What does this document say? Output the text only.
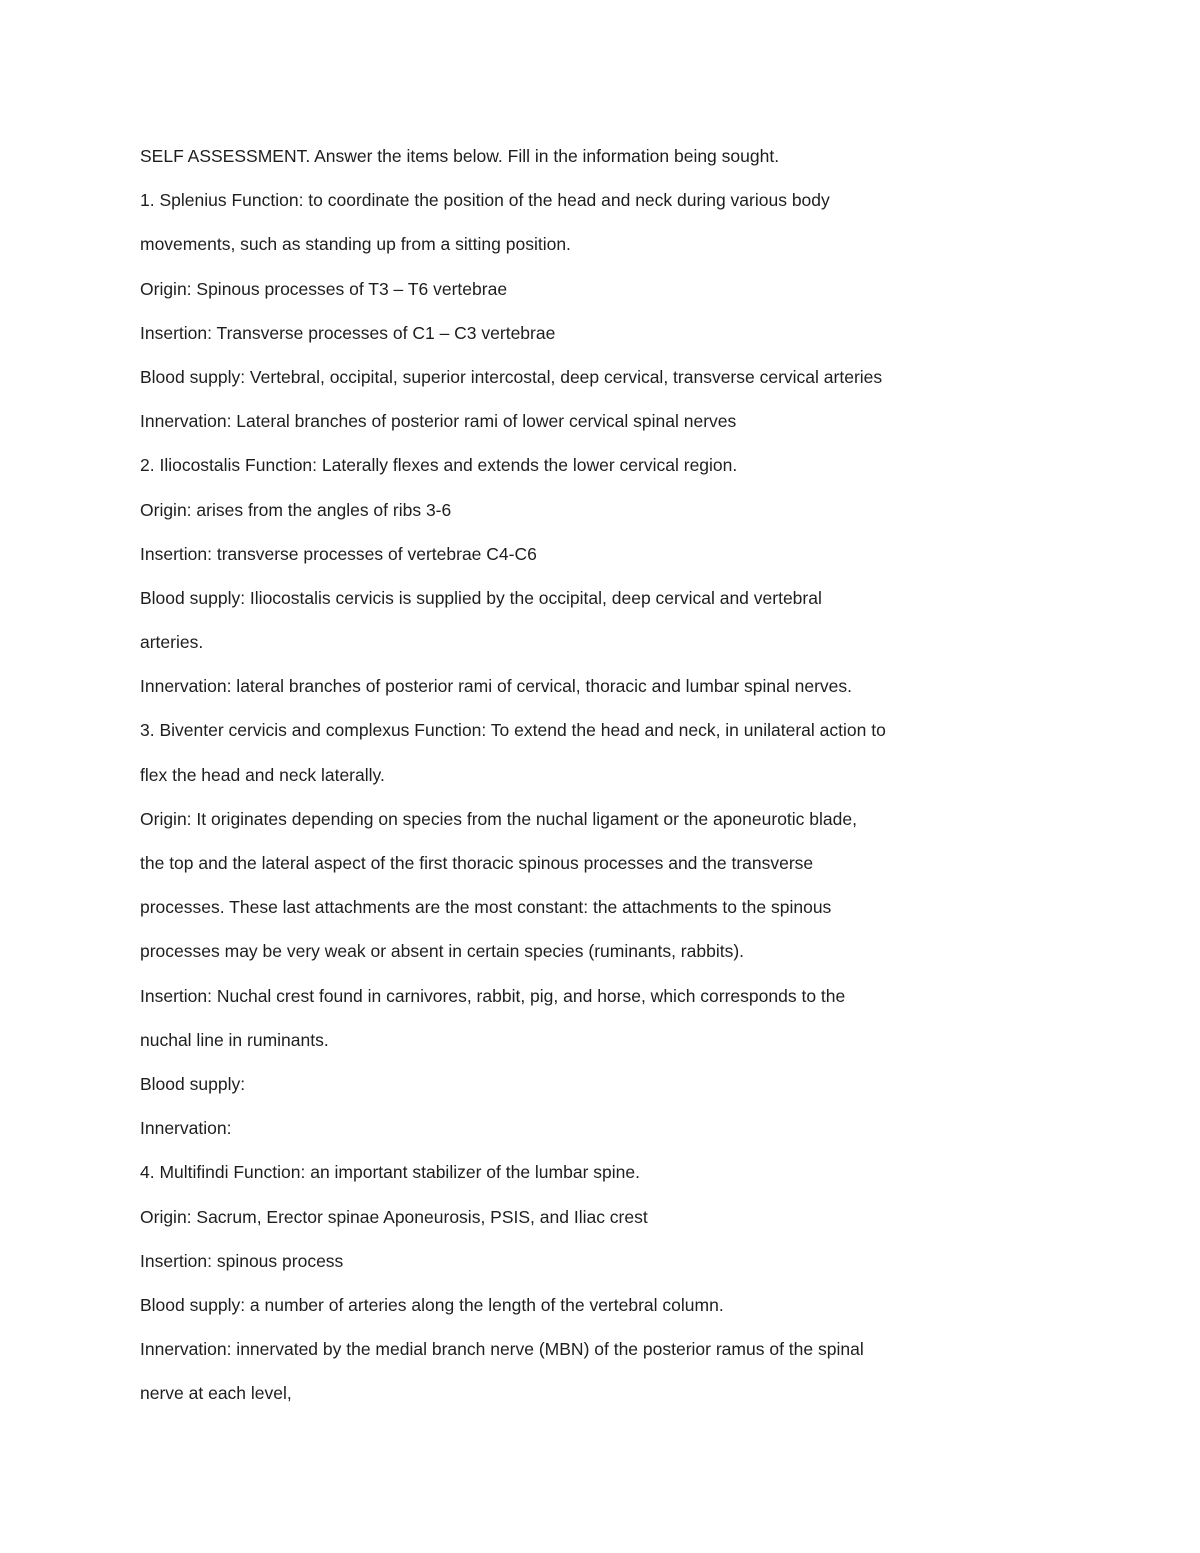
SELF ASSESSMENT. Answer the items below. Fill in the information being sought.
1. Splenius Function: to coordinate the position of the head and neck during various body
movements, such as standing up from a sitting position.
Origin: Spinous processes of T3 – T6 vertebrae
Insertion: Transverse processes of C1 – C3 vertebrae
Blood supply: Vertebral, occipital, superior intercostal, deep cervical, transverse cervical arteries
Innervation: Lateral branches of posterior rami of lower cervical spinal nerves
2. Iliocostalis Function: Laterally flexes and extends the lower cervical region.
Origin: arises from the angles of ribs 3-6
Insertion: transverse processes of vertebrae C4-C6
Blood supply: Iliocostalis cervicis is supplied by the occipital, deep cervical and vertebral
arteries.
Innervation: lateral branches of posterior rami of cervical, thoracic and lumbar spinal nerves.
3. Biventer cervicis and complexus Function: To extend the head and neck, in unilateral action to
flex the head and neck laterally.
Origin: It originates depending on species from the nuchal ligament or the aponeurotic blade,
the top and the lateral aspect of the first thoracic spinous processes and the transverse
processes. These last attachments are the most constant: the attachments to the spinous
processes may be very weak or absent in certain species (ruminants, rabbits).
Insertion: Nuchal crest found in carnivores, rabbit, pig, and horse, which corresponds to the
nuchal line in ruminants.
Blood supply:
Innervation:
4. Multifindi Function: an important stabilizer of the lumbar spine.
Origin: Sacrum, Erector spinae Aponeurosis, PSIS, and Iliac crest
Insertion: spinous process
Blood supply: a number of arteries along the length of the vertebral column.
Innervation: innervated by the medial branch nerve (MBN) of the posterior ramus of the spinal
nerve at each level,
